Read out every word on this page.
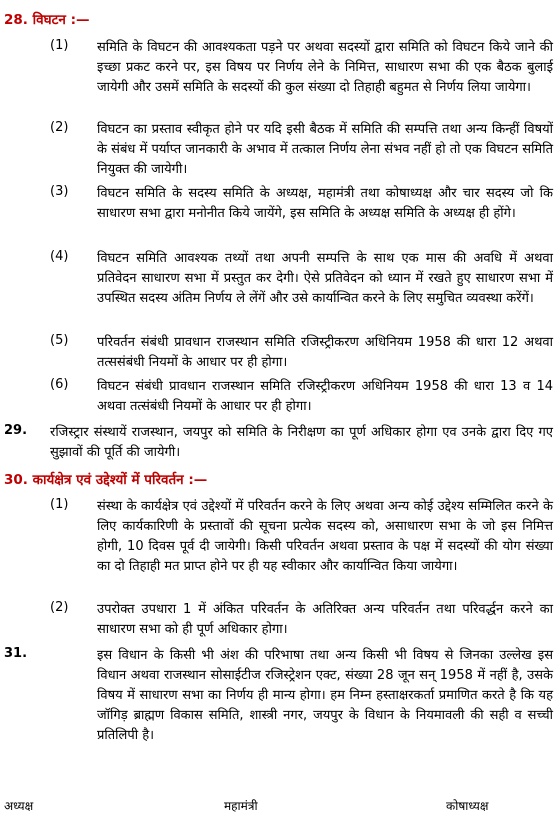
28. विघटन :—
(1) समिति के विघटन की आवश्यकता पड़ने पर अथवा सदस्यों द्वारा समिति को विघटन किये जाने की इच्छा प्रकट करने पर, इस विषय पर निर्णय लेने के निमित्त, साधारण सभा की एक बैठक बुलाई जायेगी और उसमें समिति के सदस्यों की कुल संख्या दो तिहाही बहुमत से निर्णय लिया जायेगा।
(2) विघटन का प्रस्ताव स्वीकृत होने पर यदि इसी बैठक में समिति की सम्पत्ति तथा अन्य किन्हीं विषयों के संबंध में पर्याप्त जानकारी के अभाव में तत्काल निर्णय लेना संभव नहीं हो तो एक विघटन समिति नियुक्त की जायेगी।
(3) विघटन समिति के सदस्य समिति के अध्यक्ष, महामंत्री तथा कोषाध्यक्ष और चार सदस्य जो कि साधारण सभा द्वारा मनोनीत किये जायेंगे, इस समिति के अध्यक्ष समिति के अध्यक्ष ही होंगे।
(4) विघटन समिति आवश्यक तथ्यों तथा अपनी सम्पत्ति के साथ एक मास की अवधि में अथवा प्रतिवेदन साधारण सभा में प्रस्तुत कर देगी। ऐसे प्रतिवेदन को ध्यान में रखते हुए साधारण सभा में उपस्थित सदस्य अंतिम निर्णय ले लेंगें और उसे कार्यान्वित करने के लिए समुचित व्यवस्था करेंगें।
(5) परिवर्तन संबंधी प्रावधान राजस्थान समिति रजिस्ट्रीकरण अधिनियम 1958 की धारा 12 अथवा तत्ससंबंधी नियमों के आधार पर ही होगा।
(6) विघटन संबंधी प्रावधान राजस्थान समिति रजिस्ट्रीकरण अधिनियम 1958 की धारा 13 व 14 अथवा तत्संबंधी नियमों के आधार पर ही होगा।
29. रजिस्ट्रार संस्थायें राजस्थान, जयपुर को समिति के निरीक्षण का पूर्ण अधिकार होगा एव उनके द्वारा दिए गए सुझावों की पूर्ति की जायेगी।
30. कार्यक्षेत्र एवं उद्देश्यों में परिवर्तन :—
(1) संस्था के कार्यक्षेत्र एवं उद्देश्यों में परिवर्तन करने के लिए अथवा अन्य कोई उद्देश्य सम्मिलित करने के लिए कार्यकारिणी के प्रस्तावों की सूचना प्रत्येक सदस्य को, असाधारण सभा के जो इस निमित्त होगी, 10 दिवस पूर्व दी जायेगी। किसी परिवर्तन अथवा प्रस्ताव के पक्ष में सदस्यों की योग संख्या का दो तिहाही मत प्राप्त होने पर ही यह स्वीकार और कार्यान्वित किया जायेगा।
(2) उपरोक्त उपधारा 1 में अंकित परिवर्तन के अतिरिक्त अन्य परिवर्तन तथा परिवर्द्धन करने का साधारण सभा को ही पूर्ण अधिकार होगा।
31.	इस विधान के किसी भी अंश की परिभाषा तथा अन्य किसी भी विषय से जिनका उल्लेख इस विधान अथवा राजस्थान सोसाईटीज रजिस्ट्रेशन एक्ट, संख्या 28 जून सन् 1958 में नहीं है, उसके विषय में साधारण सभा का निर्णय ही मान्य होगा। हम निम्न हस्ताक्षरकर्ता प्रमाणित करते है कि यह जॉगिड़ ब्राह्मण विकास समिति, शास्त्री नगर, जयपुर के विधान के नियमावली की सही व सच्ची प्रतिलिपी है।
अध्यक्ष	महामंत्री	कोषाध्यक्ष
